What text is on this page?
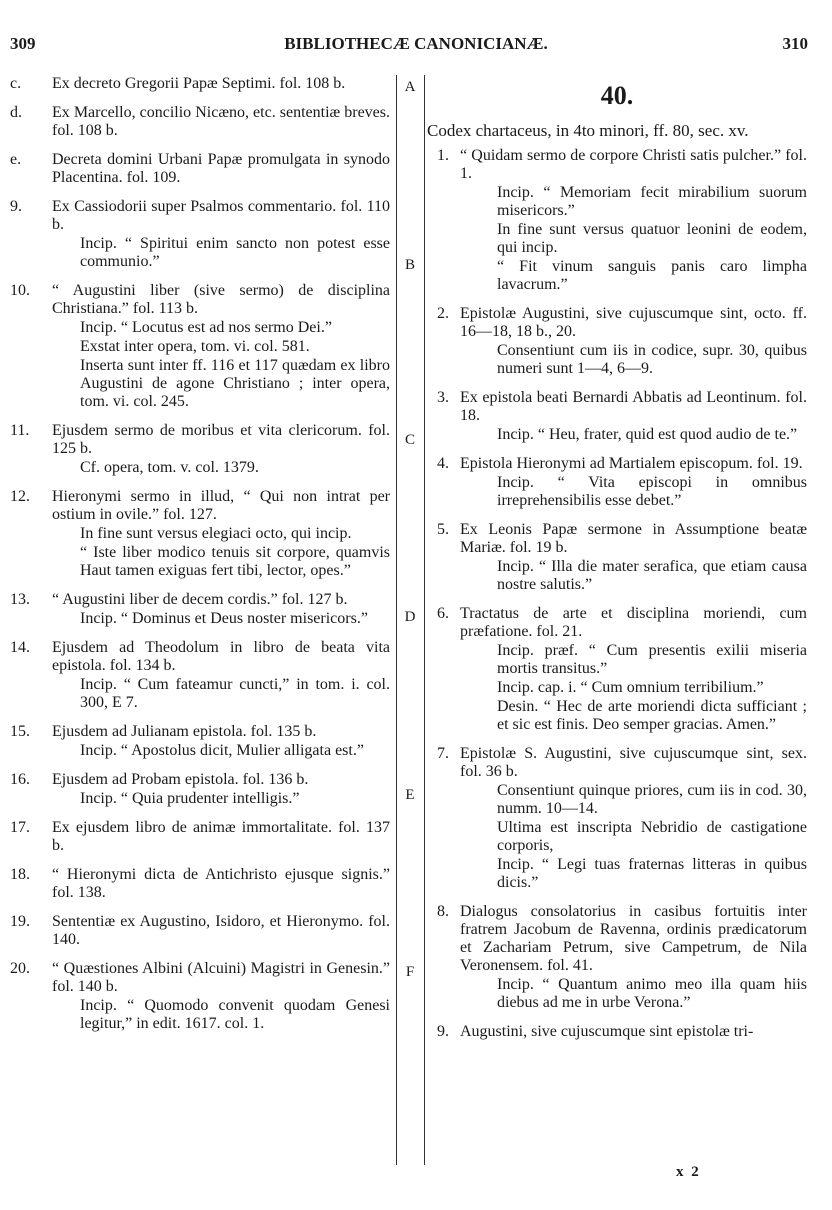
309	BIBLIOTHECÆ CANONICIANÆ.	310
A
B
C
D
E
F
c.	Ex decreto Gregorii Papæ Septimi. fol. 108 b.
d.	Ex Marcello, concilio Nicæno, etc. sententiæ breves. fol. 108 b.
e.	Decreta domini Urbani Papæ promulgata in synodo Placentina. fol. 109.
9.	Ex Cassiodorii super Psalmos commentario. fol. 110 b.
Incip. “ Spiritui enim sancto non potest esse communio.”
10.	“ Augustini liber (sive sermo) de disciplina Christiana.” fol. 113 b.
Incip. “ Locutus est ad nos sermo Dei.”
Exstat inter opera, tom. vi. col. 581.
Inserta sunt inter ff. 116 et 117 quædam ex libro Augustini de agone Christiano ; inter opera, tom. vi. col. 245.
11.	Ejusdem sermo de moribus et vita clericorum. fol. 125 b.
Cf. opera, tom. v. col. 1379.
12.	Hieronymi sermo in illud, “ Qui non intrat per ostium in ovile.” fol. 127.
In fine sunt versus elegiaci octo, qui incip.
“ Iste liber modico tenuis sit corpore, quamvis Haut tamen exiguas fert tibi, lector, opes.”
13.	“ Augustini liber de decem cordis.” fol. 127 b.
Incip. “ Dominus et Deus noster misericors.”
14.	Ejusdem ad Theodolum in libro de beata vita epistola. fol. 134 b.
Incip. “ Cum fateamur cuncti,” in tom. i. col. 300, E 7.
15.	Ejusdem ad Julianam epistola. fol. 135 b.
Incip. “ Apostolus dicit, Mulier alligata est.”
16.	Ejusdem ad Probam epistola. fol. 136 b.
Incip. “ Quia prudenter intelligis.”
17.	Ex ejusdem libro de animæ immortalitate. fol. 137 b.
18.	“ Hieronymi dicta de Antichristo ejusque signis.” fol. 138.
19.	Sententiæ ex Augustino, Isidoro, et Hieronymo. fol. 140.
20.	“ Quæstiones Albini (Alcuini) Magistri in Genesin.” fol. 140 b.
Incip. “ Quomodo convenit quodam Genesi legitur,” in edit. 1617. col. 1.
40.
Codex chartaceus, in 4to minori, ff. 80, sec. xv.
1. “ Quidam sermo de corpore Christi satis pulcher.” fol. 1.
Incip. “ Memoriam fecit mirabilium suorum misericors.”
In fine sunt versus quatuor leonini de eodem, qui incip.
“ Fit vinum sanguis panis caro limpha lavacrum.”
2. Epistolæ Augustini, sive cujuscumque sint, octo. ff. 16—18, 18 b., 20.
Consentiunt cum iis in codice, supr. 30, quibus numeri sunt 1—4, 6—9.
3. Ex epistola beati Bernardi Abbatis ad Leontinum. fol. 18.
Incip. “ Heu, frater, quid est quod audio de te.”
4. Epistola Hieronymi ad Martialem episcopum. fol. 19.
Incip. “ Vita episcopi in omnibus irreprehensibilis esse debet.”
5. Ex Leonis Papæ sermone in Assumptione beatæ Mariæ. fol. 19 b.
Incip. “ Illa die mater serafica, que etiam causa nostre salutis.”
6. Tractatus de arte et disciplina moriendi, cum præfatione. fol. 21.
Incip. præf. “ Cum presentis exilii miseria mortis transitus.”
Incip. cap. i. “ Cum omnium terribilium.”
Desin. “ Hec de arte moriendi dicta sufficiant ; et sic est finis. Deo semper gracias. Amen.”
7. Epistolæ S. Augustini, sive cujuscumque sint, sex. fol. 36 b.
Consentiunt quinque priores, cum iis in cod. 30, numm. 10—14.
Ultima est inscripta Nebridio de castigatione corporis,
Incip. “ Legi tuas fraternas litteras in quibus dicis.”
8. Dialogus consolatorius in casibus fortuitis inter fratrem Jacobum de Ravenna, ordinis prædicatorum et Zachariam Petrum, sive Campetrum, de Nila Veronensem. fol. 41.
Incip. “ Quantum animo meo illa quam hiis diebus ad me in urbe Verona.”
9. Augustini, sive cujuscumque sint epistolæ tri-
x 2
